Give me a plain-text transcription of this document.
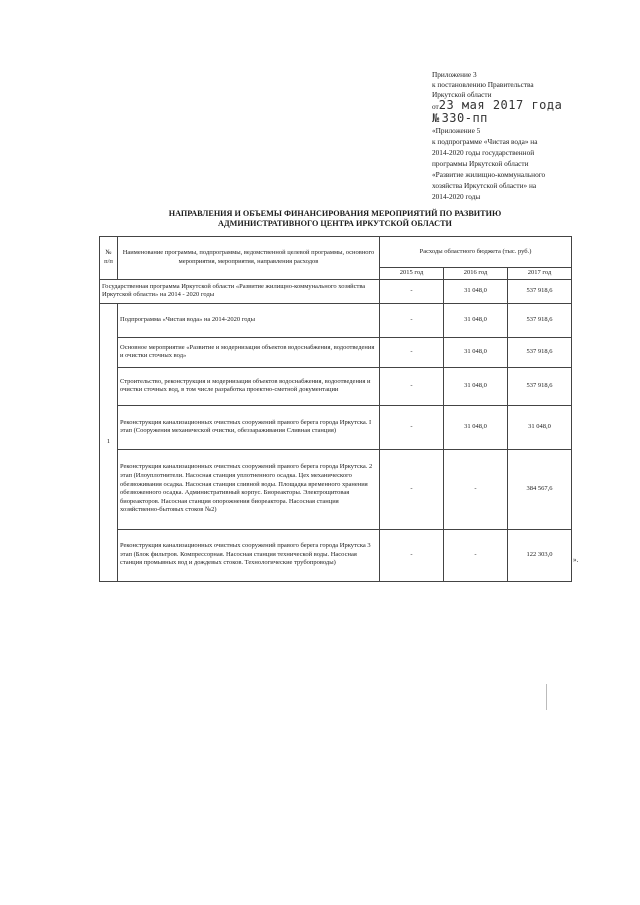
Приложение 3
к постановлению Правительства
Иркутской области
от23 мая 2017 года
№ 330-пп
«Приложение 5
к подпрограмме «Чистая вода» на
2014-2020 годы государственной
программы Иркутской области
«Развитие жилищно-коммунального
хозяйства Иркутской области» на
2014-2020 годы
НАПРАВЛЕНИЯ И ОБЪЕМЫ ФИНАНСИРОВАНИЯ МЕРОПРИЯТИЙ ПО РАЗВИТИЮ
АДМИНИСТРАТИВНОГО ЦЕНТРА ИРКУТСКОЙ ОБЛАСТИ
№ п/п	Наименование программы, подпрограммы, ведомственной целевой программы, основного мероприятия, мероприятия, направления расходов	Расходы областного бюджета (тыс. руб.)		
		2015 год	2016 год	2017 год
Государственная программа Иркутской области «Развитие жилищно-коммунального хозяйства Иркутской области» на 2014 - 2020 годы		-	31 048,0	537 918,6
1	Подпрограмма «Чистая вода» на 2014-2020 годы	-	31 048,0	537 918,6
	Основное мероприятие «Развитие и модернизация объектов водоснабжения, водоотведения и очистки сточных вод»	-	31 048,0	537 918,6
	Строительство, реконструкция и модернизация объектов водоснабжения, водоотведения и очистки сточных вод, в том числе разработка проектно-сметной документации	-	31 048,0	537 918,6
	Реконструкция канализационных очистных сооружений правого берега города Иркутска. I этап (Сооружения механической очистки, обеззараживания Сливная станция)	-	31 048,0	31 048,0
	Реконструкция канализационных очистных сооружений правого берега города Иркутска. 2 этап (Илоуплотнители. Насосная станция уплотненного осадка. Цех механического обезвоживания осадка. Насосная станция сливной воды. Площадка временного хранения обезвоженного осадка. Административный корпус. Биореакторы. Электрощитовая биореакторов. Насосная станция опорожнения биореактора. Насосная станция хозяйственно-бытовых стоков №2)	-	-	384 567,6
	Реконструкция канализационных очистных сооружений правого берега города Иркутска 3 этап (Блок фильтров. Компрессорная. Насосная станция технической воды. Насосная станция промывных вод и дождевых стоков. Технологические трубопроводы)	-	-	122 303,0
».
